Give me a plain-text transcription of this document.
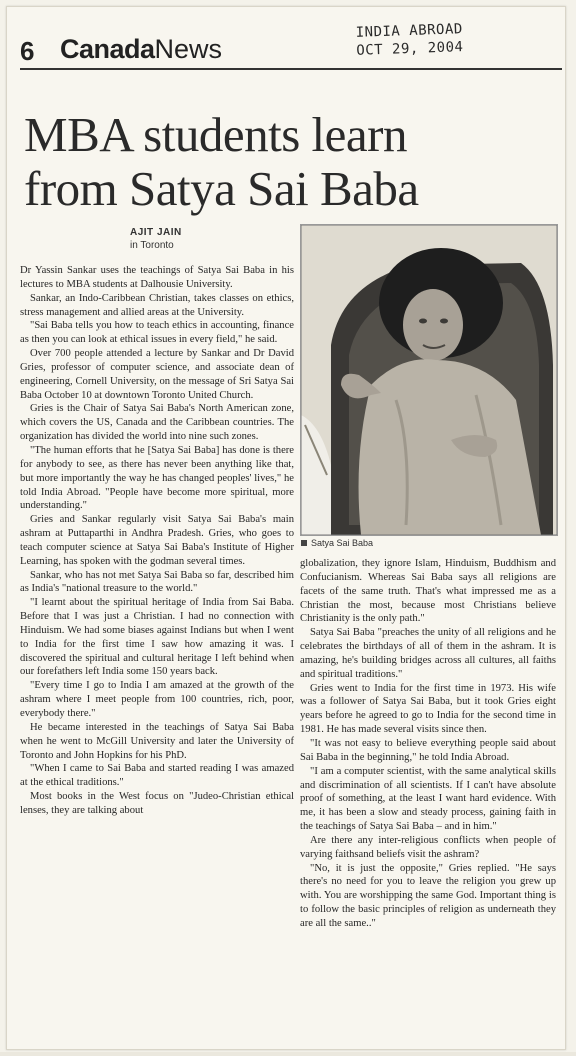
6 CanadaNews
INDIA ABROAD
OCT 29, 2004
MBA students learn
from Satya Sai Baba
AJIT JAIN
in Toronto
Satya Sai Baba

Dr Yassin Sankar uses the teachings of Satya Sai Baba in his lectures to MBA students at Dalhousie University.

Sankar, an Indo-Caribbean Christian, takes classes on ethics, stress management and allied areas at the University.

"Sai Baba tells you how to teach ethics in accounting, finance as then you can look at ethical issues in every field," he said.

Over 700 people attended a lecture by Sankar and Dr David Gries, professor of computer science, and associate dean of engineering, Cornell University, on the message of Sri Satya Sai Baba October 10 at downtown Toronto United Church.

Gries is the Chair of Satya Sai Baba's North American zone, which covers the US, Canada and the Caribbean countries. The organization has divided the world into nine such zones.

"The human efforts that he [Satya Sai Baba] has done is there for anybody to see, as there has never been anything like that, but more importantly the way he has changed peoples' lives," he told India Abroad. "People have become more spiritual, more understanding."

Gries and Sankar regularly visit Satya Sai Baba's main ashram at Puttaparthi in Andhra Pradesh. Gries, who goes to teach computer science at Satya Sai Baba's Institute of Higher Learning, has spoken with the godman several times.

Sankar, who has not met Satya Sai Baba so far, described him as India's "national treasure to the world."

"I learnt about the spiritual heritage of India from Sai Baba. Before that I was just a Christian. I had no connection with Hinduism. We had some biases against Indians but when I went to India for the first time I saw how amazing it was. I discovered the spiritual and cultural heritage I left behind when our forefathers left India some 150 years back.

"Every time I go to India I am amazed at the growth of the ashram where I meet people from 100 countries, rich, poor, everybody there."

He became interested in the teachings of Satya Sai Baba when he went to McGill University and later the University of Toronto and John Hopkins for his PhD.

"When I came to Sai Baba and started reading I was amazed at the ethical traditions."

Most books in the West focus on "Judeo-Christian ethical lenses, they are talking about

globalization, they ignore Islam, Hinduism, Buddhism and Confucianism. Whereas Sai Baba says all religions are facets of the same truth. That's what impressed me as a Christian the most, because most Christians believe Christianity is the only path."

Satya Sai Baba "preaches the unity of all religions and he celebrates the birthdays of all of them in the ashram. It is amazing, he's building bridges across all cultures, all faiths and spiritual traditions."

Gries went to India for the first time in 1973. His wife was a follower of Satya Sai Baba, but it took Gries eight years before he agreed to go to India for the second time in 1981. He has made several visits since then.

"It was not easy to believe everything people said about Sai Baba in the beginning," he told India Abroad.

"I am a computer scientist, with the same analytical skills and discrimination of all scientists. If I can't have absolute proof of something, at the least I want hard evidence. With me, it has been a slow and steady process, gaining faith in the teachings of Satya Sai Baba – and in him."

Are there any inter-religious conflicts when people of varying faithsand beliefs visit the ashram?

"No, it is just the opposite," Gries replied. "He says there's no need for you to leave the religion you grew up with. You are worshipping the same God. Important thing is to follow the basic principles of religion as underneath they are all the same.."
